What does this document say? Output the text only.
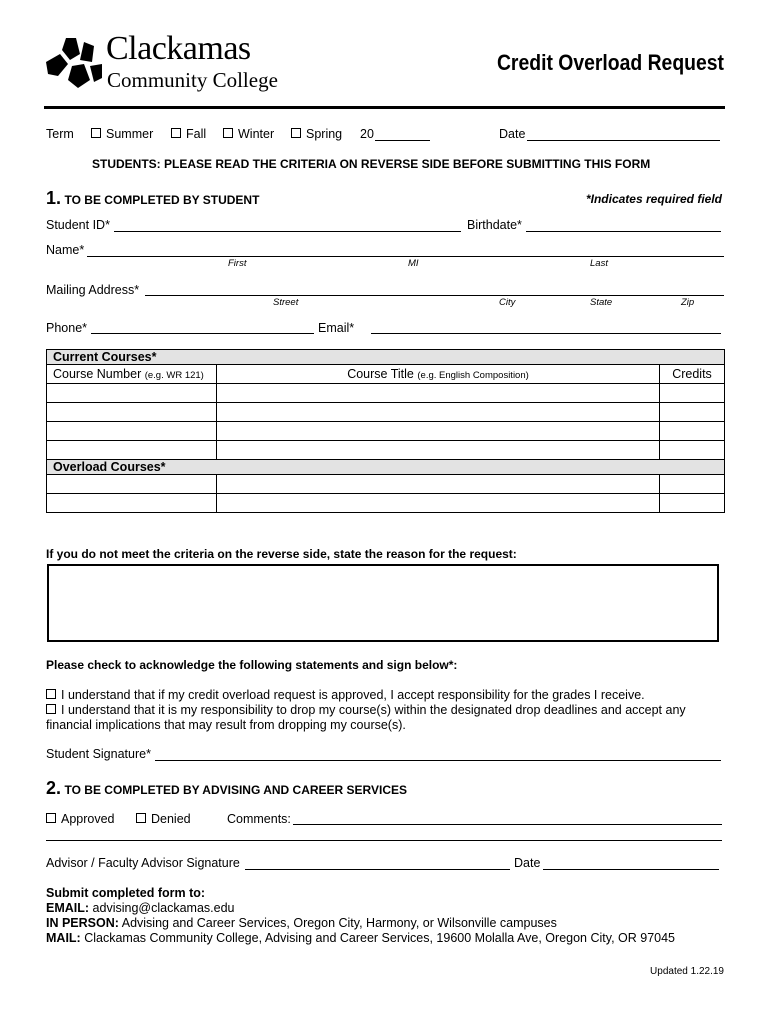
Clackamas
Community College
Credit Overload Request
Term	Summer	Fall	Winter	Spring 20	Date
STUDENTS: PLEASE READ THE CRITERIA ON REVERSE SIDE BEFORE SUBMITTING THIS FORM
1. TO BE COMPLETED BY STUDENT	*Indicates required field
Student ID*	Birthdate*
Name*
First	MI	Last
Mailing Address*
Street	City	State	Zip
Phone*	Email*
Current Courses*		
Course Number (e.g. WR 121)	Course Title (e.g. English Composition)	Credits

Overload Courses*		

If you do not meet the criteria on the reverse side, state the reason for the request:
Please check to acknowledge the following statements and sign below*:
I understand that if my credit overload request is approved, I accept responsibility for the grades I receive.
I understand that it is my responsibility to drop my course(s) within the designated drop deadlines and accept any
financial implications that may result from dropping my course(s).
Student Signature*
2. TO BE COMPLETED BY ADVISING AND CAREER SERVICES
Approved	Denied	Comments:
Advisor / Faculty Advisor Signature	Date
Submit completed form to:
EMAIL: advising@clackamas.edu
IN PERSON: Advising and Career Services, Oregon City, Harmony, or Wilsonville campuses
MAIL: Clackamas Community College, Advising and Career Services, 19600 Molalla Ave, Oregon City, OR 97045
Updated 1.22.19
